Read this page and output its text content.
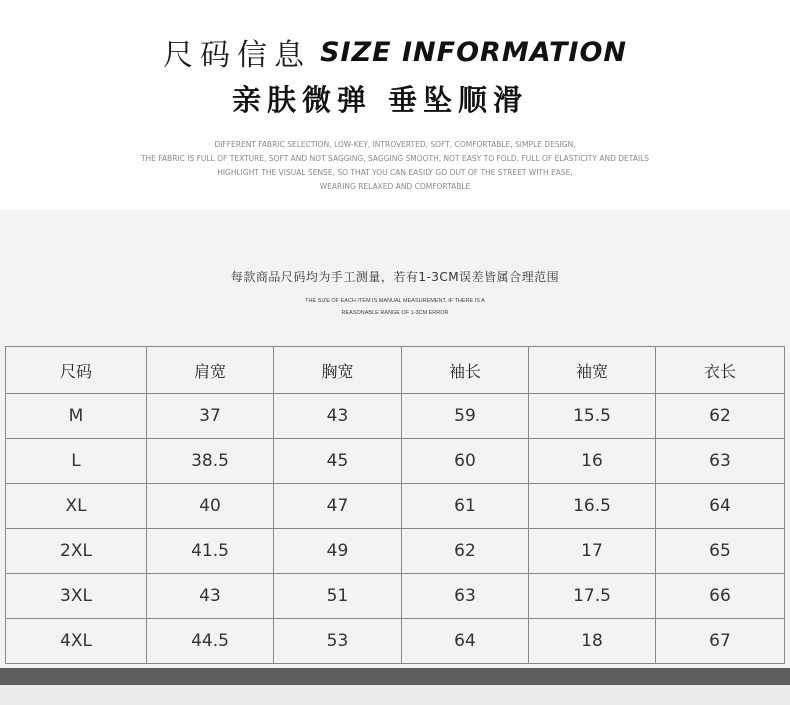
尺码信息 SIZE INFORMATION
亲肤微弹 垂坠顺滑
DIFFERENT FABRIC SELECTION, LOW-KEY, INTROVERTED, SOFT, COMFORTABLE, SIMPLE DESIGN,
THE FABRIC IS FULL OF TEXTURE, SOFT AND NOT SAGGING, SAGGING SMOOTH, NOT EASY TO FOLD, FULL OF ELASTICITY AND DETAILS
HIGHLIGHT THE VISUAL SENSE, SO THAT YOU CAN EASILY GO OUT OF THE STREET WITH EASE,
WEARING RELAXED AND COMFORTABLE
每款商品尺码均为手工测量，若有1-3CM误差皆属合理范围
THE SIZE OF EACH ITEM IS MANUAL MEASUREMENT, IF THERE IS A
REASONABLE RANGE OF 1-3CM ERROR
尺码	肩宽	胸宽	袖长	袖宽	衣长
M	37	43	59	15.5	62
L	38.5	45	60	16	63
XL	40	47	61	16.5	64
2XL	41.5	49	62	17	65
3XL	43	51	63	17.5	66
4XL	44.5	53	64	18	67
